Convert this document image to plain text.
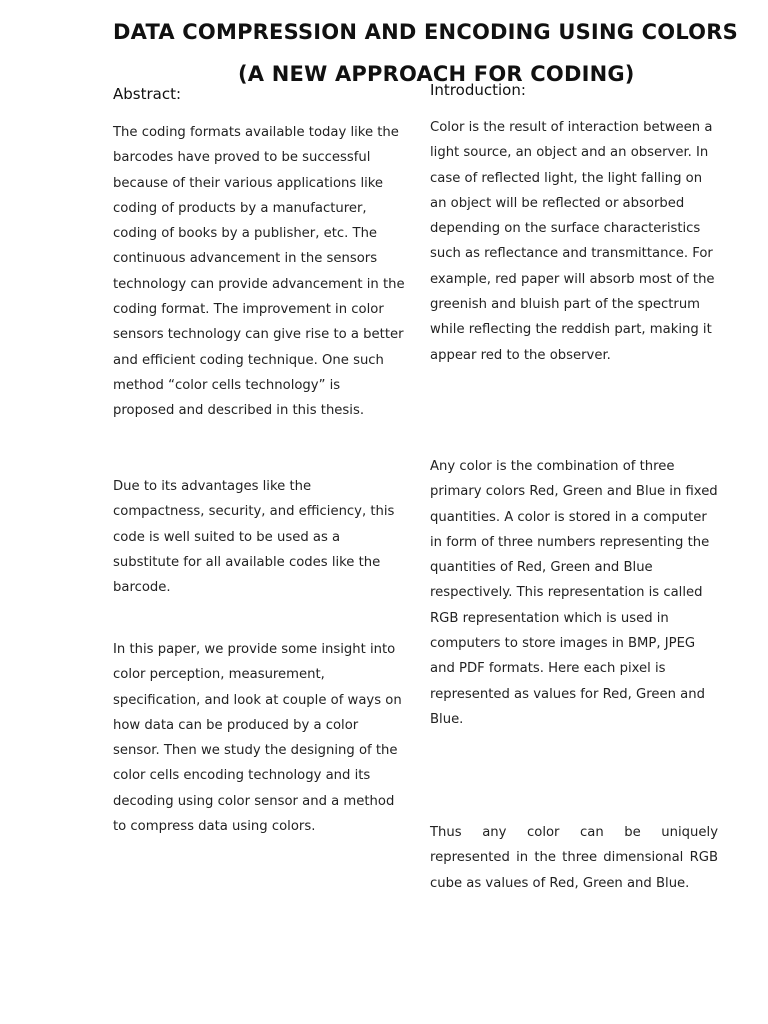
DATA COMPRESSION AND ENCODING USING COLORS
(A NEW APPROACH FOR CODING)
Abstract:	Introduction:

The coding formats available today like the barcodes have proved to be successful because of their various applications like coding of products by a manufacturer, coding of books by a publisher, etc. The continuous advancement in the sensors technology can provide advancement in the coding format. The improvement in color sensors technology can give rise to a better and efficient coding technique. One such method “color cells technology” is proposed and described in this thesis.

Due to its advantages like the compactness, security, and efficiency, this code is well suited to be used as a substitute for all available codes like the barcode.

In this paper, we provide some insight into color perception, measurement, specification, and look at couple of ways on how data can be produced by a color sensor. Then we study the designing of the color cells encoding technology and its decoding using color sensor and a method to compress data using colors.

Color is the result of interaction between a light source, an object and an observer. In case of reflected light, the light falling on an object will be reflected or absorbed depending on the surface characteristics such as reflectance and transmittance. For example, red paper will absorb most of the greenish and bluish part of the spectrum while reflecting the reddish part, making it appear red to the observer.

Any color is the combination of three primary colors Red, Green and Blue in fixed quantities. A color is stored in a computer in form of three numbers representing the quantities of Red, Green and Blue respectively. This representation is called RGB representation which is used in computers to store images in BMP, JPEG and PDF formats. Here each pixel is represented as values for Red, Green and Blue.

Thus any color can be uniquely represented in the three dimensional RGB cube as values of Red, Green and Blue.
